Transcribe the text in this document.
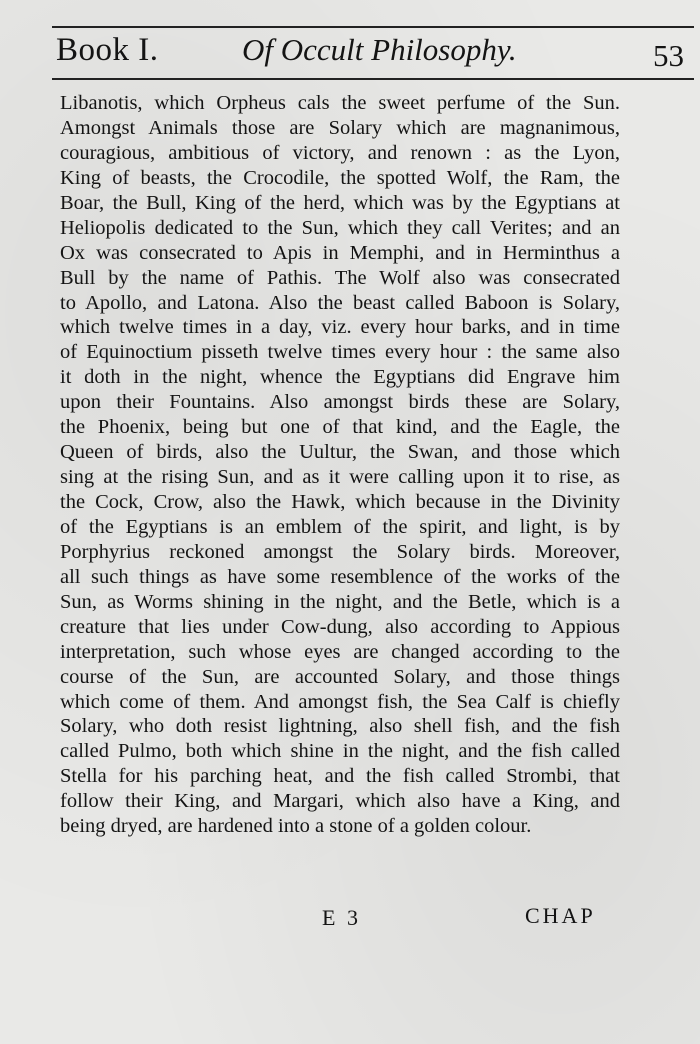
Book I.	Of Occult Philosophy.	53
Libanotis, which Orpheus cals the sweet perfume of the Sun.
Amongst Animals those are Solary which are magnanimous,
couragious, ambitious of victory, and renown : as the Lyon,
King of beasts, the Crocodile, the spotted Wolf, the Ram, the
Boar, the Bull, King of the herd, which was by the Egyptians at
Heliopolis dedicated to the Sun, which they call Verites; and an
Ox was consecrated to Apis in Memphi, and in Herminthus a
Bull by the name of Pathis. The Wolf also was consecrated
to Apollo, and Latona. Also the beast called Baboon is Solary,
which twelve times in a day, viz. every hour barks, and in time
of Equinoctium pisseth twelve times every hour : the same also
it doth in the night, whence the Egyptians did Engrave him
upon their Fountains. Also amongst birds these are Solary,
the Phoenix, being but one of that kind, and the Eagle, the
Queen of birds, also the Uultur, the Swan, and those which
sing at the rising Sun, and as it were calling upon it to rise, as
the Cock, Crow, also the Hawk, which because in the Divinity
of the Egyptians is an emblem of the spirit, and light, is by
Porphyrius reckoned amongst the Solary birds. Moreover,
all such things as have some resemblence of the works of the
Sun, as Worms shining in the night, and the Betle, which is a
creature that lies under Cow-dung, also according to Appious
interpretation, such whose eyes are changed according to the
course of the Sun, are accounted Solary, and those things
which come of them. And amongst fish, the Sea Calf is chiefly
Solary, who doth resist lightning, also shell fish, and the fish
called Pulmo, both which shine in the night, and the fish called
Stella for his parching heat, and the fish called Strombi, that
follow their King, and Margari, which also have a King, and
being dryed, are hardened into a stone of a golden colour.
E 3	CHAP
